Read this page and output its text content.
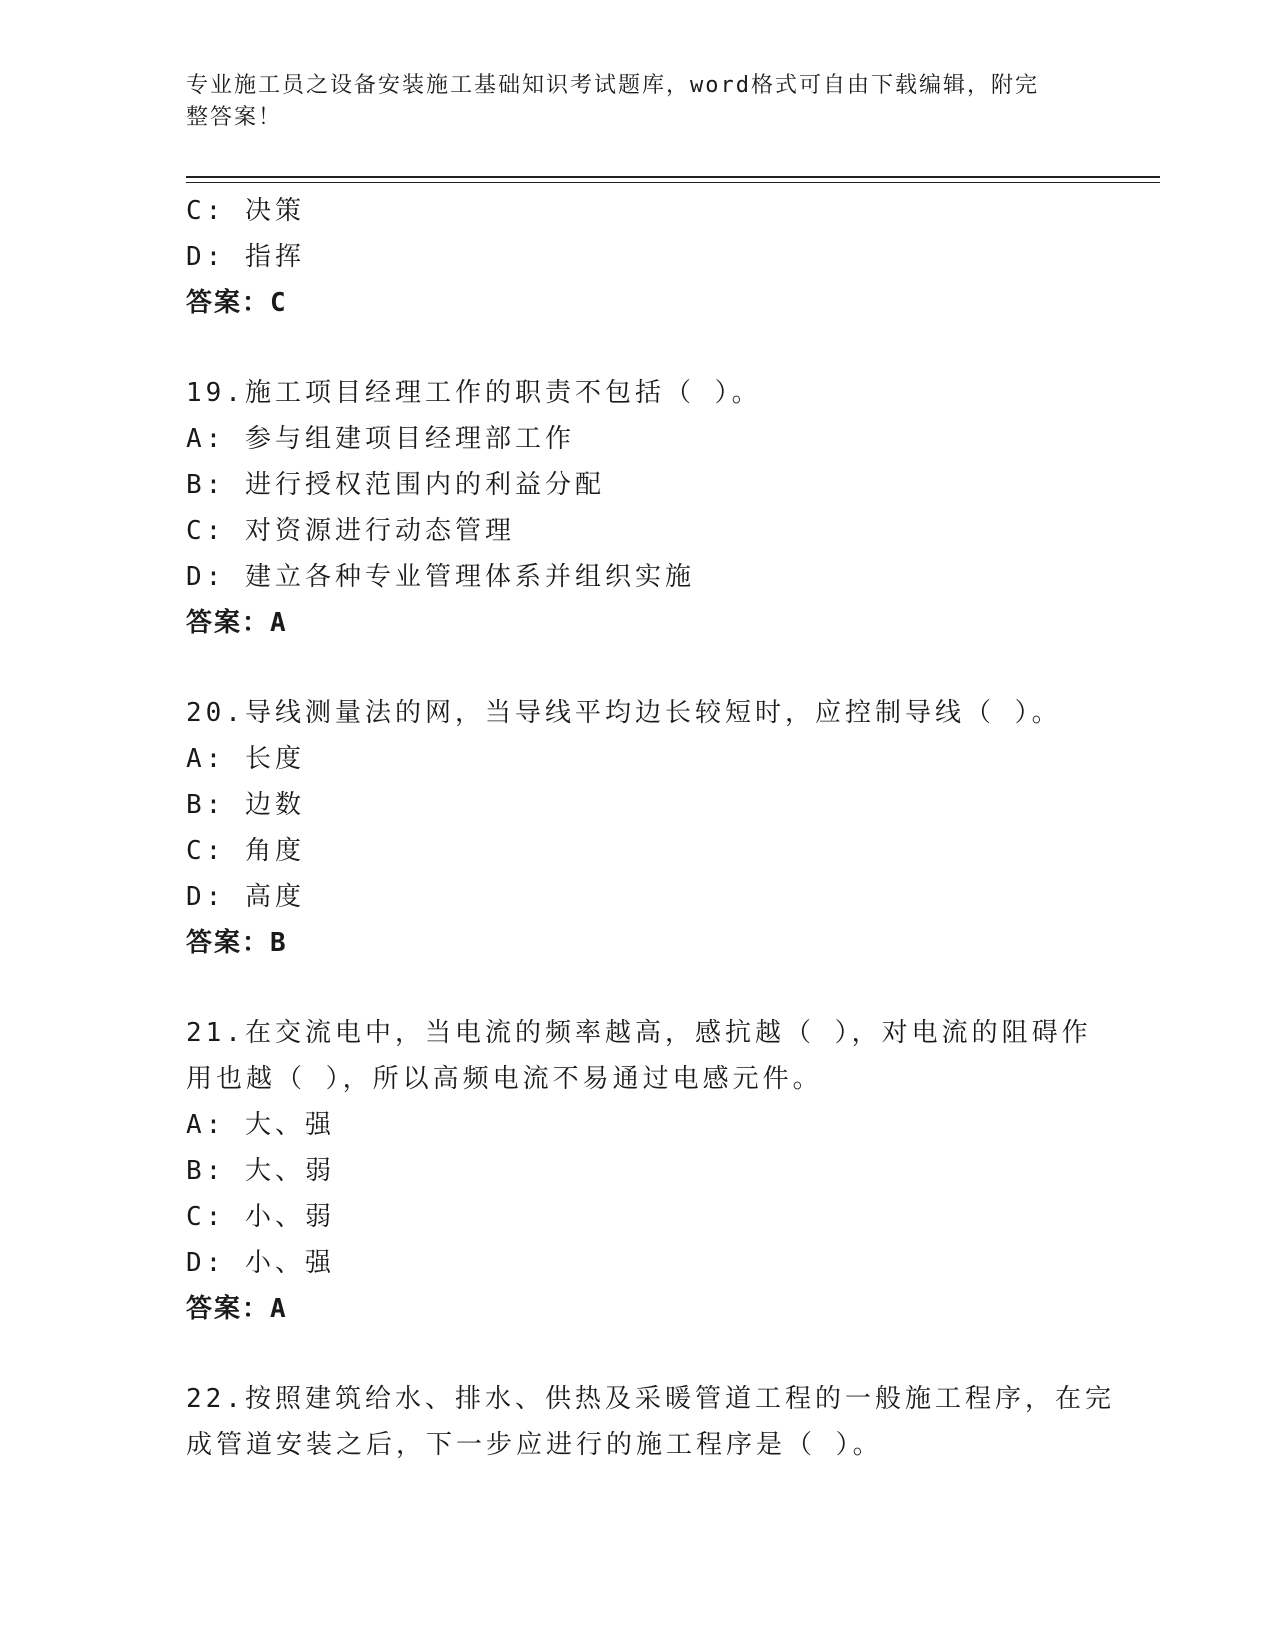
专业施工员之设备安装施工基础知识考试题库，word格式可自由下载编辑，附完
整答案！
C: 决策
D: 指挥
答案：C
19.施工项目经理工作的职责不包括（ ）。
A: 参与组建项目经理部工作
B: 进行授权范围内的利益分配
C: 对资源进行动态管理
D: 建立各种专业管理体系并组织实施
答案：A
20.导线测量法的网，当导线平均边长较短时，应控制导线（ ）。
A: 长度
B: 边数
C: 角度
D: 高度
答案：B
21.在交流电中，当电流的频率越高，感抗越（ ），对电流的阻碍作
用也越（ ），所以高频电流不易通过电感元件。
A: 大、强
B: 大、弱
C: 小、弱
D: 小、强
答案：A
22.按照建筑给水、排水、供热及采暖管道工程的一般施工程序，在完
成管道安装之后，下一步应进行的施工程序是（ ）。
